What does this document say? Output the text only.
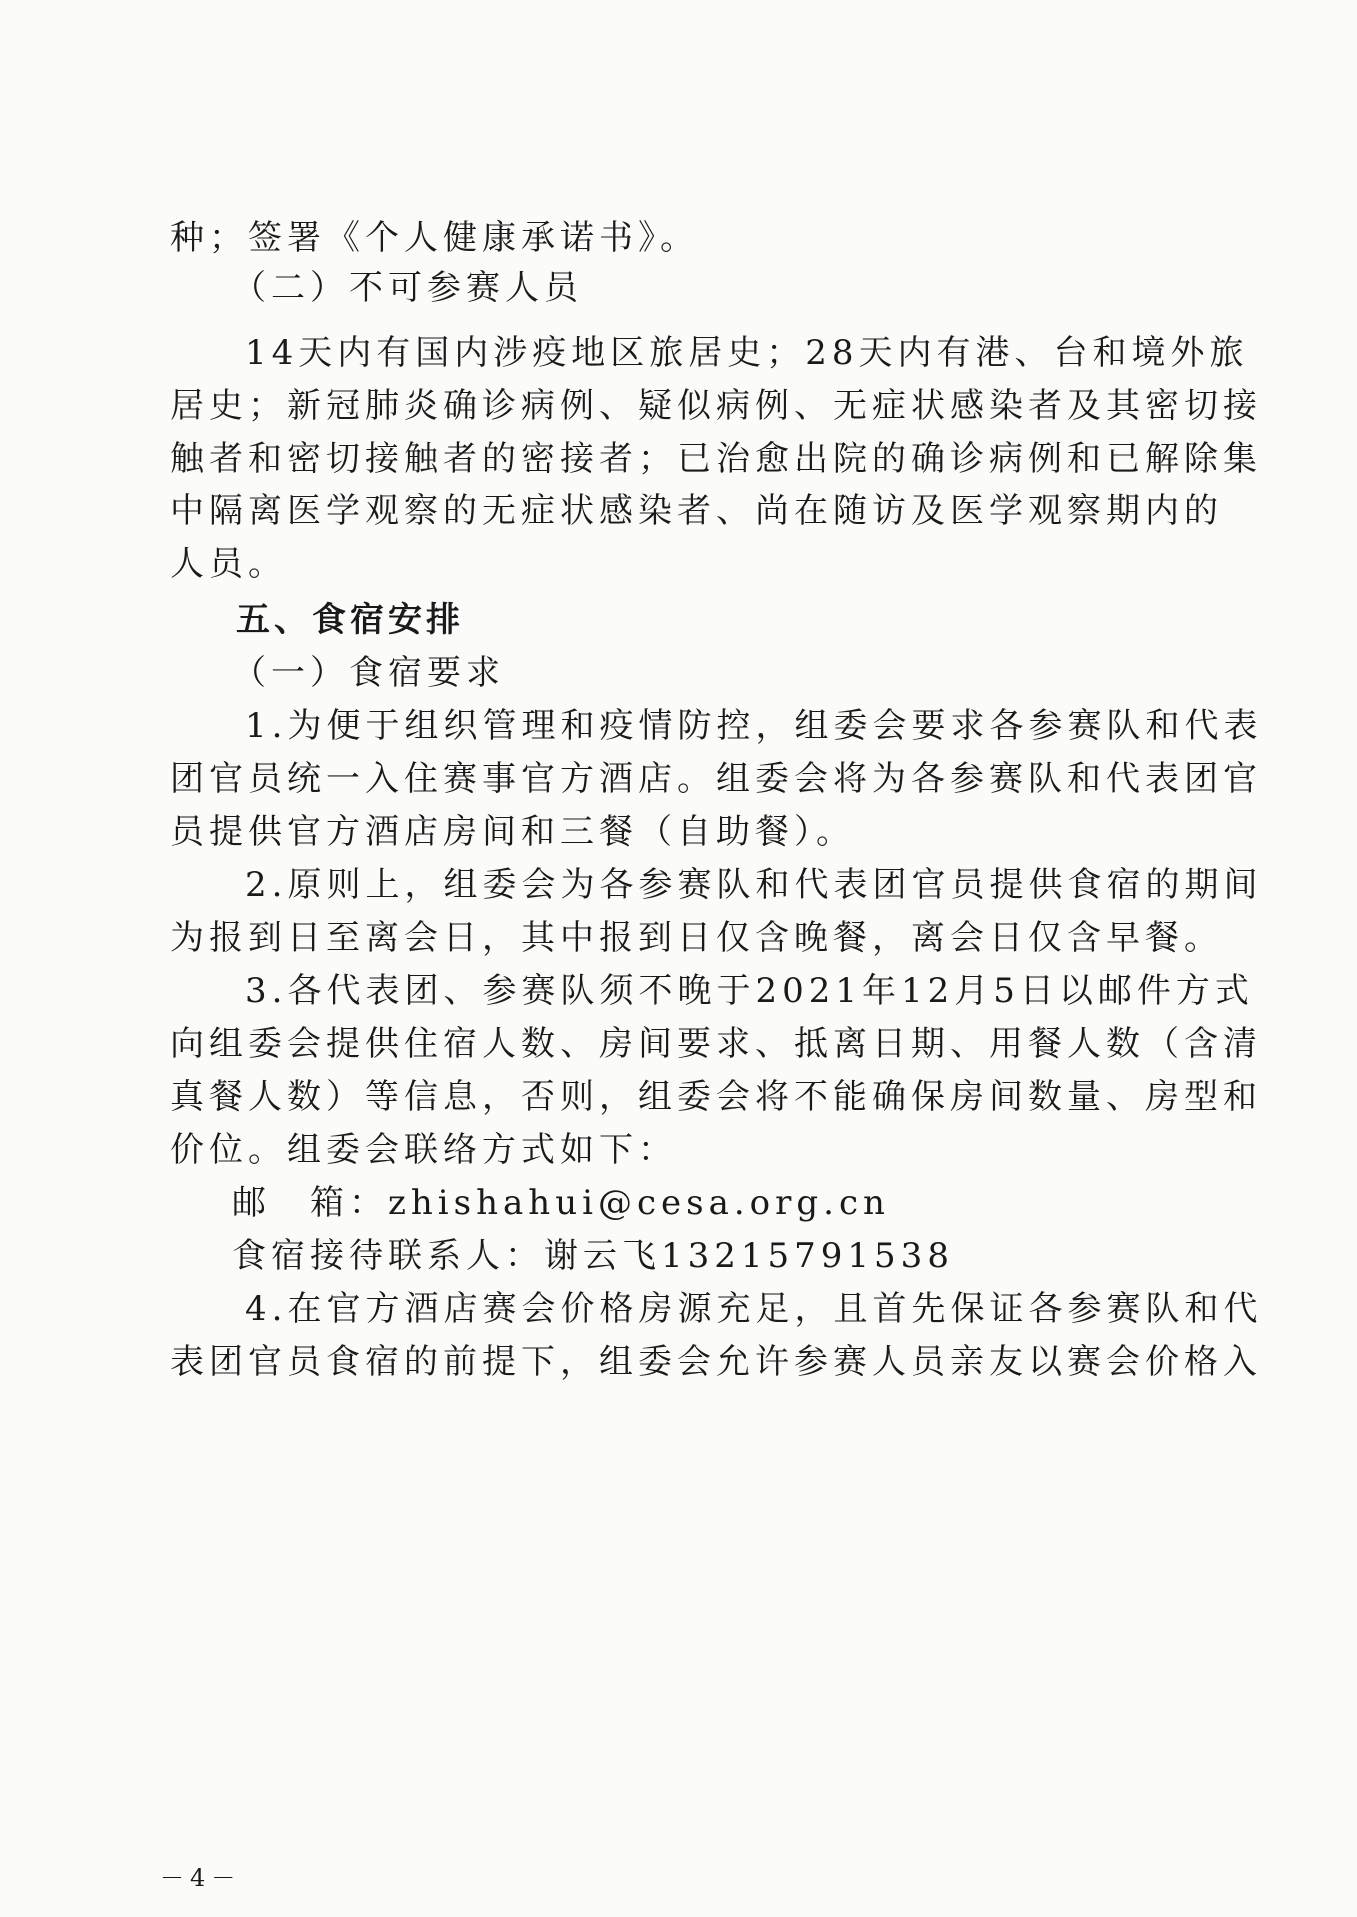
种；签署《个人健康承诺书》。
（二）不可参赛人员
14天内有国内涉疫地区旅居史；28天内有港、台和境外旅
居史；新冠肺炎确诊病例、疑似病例、无症状感染者及其密切接
触者和密切接触者的密接者；已治愈出院的确诊病例和已解除集
中隔离医学观察的无症状感染者、尚在随访及医学观察期内的
人员。
五、食宿安排
（一）食宿要求
1.为便于组织管理和疫情防控，组委会要求各参赛队和代表
团官员统一入住赛事官方酒店。组委会将为各参赛队和代表团官
员提供官方酒店房间和三餐（自助餐）。
2.原则上，组委会为各参赛队和代表团官员提供食宿的期间
为报到日至离会日，其中报到日仅含晚餐，离会日仅含早餐。
3.各代表团、参赛队须不晚于2021年12月5日以邮件方式
向组委会提供住宿人数、房间要求、抵离日期、用餐人数（含清
真餐人数）等信息，否则，组委会将不能确保房间数量、房型和
价位。组委会联络方式如下：
邮　箱：zhishahui@cesa.org.cn
食宿接待联系人：谢云飞13215791538
4.在官方酒店赛会价格房源充足，且首先保证各参赛队和代
表团官员食宿的前提下，组委会允许参赛人员亲友以赛会价格入
－4－
